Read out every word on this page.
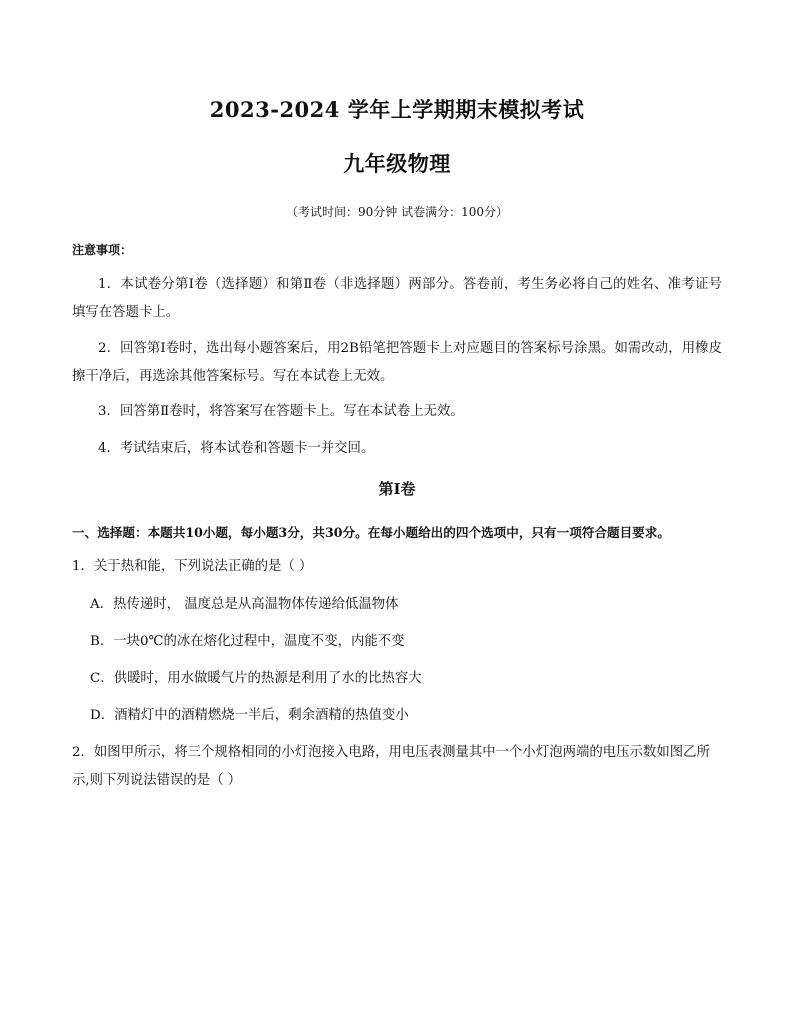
2023-2024 学年上学期期末模拟考试
九年级物理
（考试时间：90分钟 试卷满分：100分）
注意事项：
1．本试卷分第Ⅰ卷（选择题）和第Ⅱ卷（非选择题）两部分。答卷前，考生务必将自己的姓名、准考证号填写在答题卡上。
2．回答第Ⅰ卷时，选出每小题答案后，用2B铅笔把答题卡上对应题目的答案标号涂黑。如需改动，用橡皮擦干净后，再选涂其他答案标号。写在本试卷上无效。
3．回答第Ⅱ卷时，将答案写在答题卡上。写在本试卷上无效。
4．考试结束后，将本试卷和答题卡一并交回。
第Ⅰ卷
一、选择题：本题共10小题，每小题3分，共30分。在每小题给出的四个选项中，只有一项符合题目要求。
1．关于热和能，下列说法正确的是（ ）
A．热传递时， 温度总是从高温物体传递给低温物体
B．一块0℃的冰在熔化过程中，温度不变，内能不变
C．供暖时，用水做暖气片的热源是利用了水的比热容大
D．酒精灯中的酒精燃烧一半后，剩余酒精的热值变小
2．如图甲所示，将三个规格相同的小灯泡接入电路，用电压表测量其中一个小灯泡两端的电压示数如图乙所示,则下列说法错误的是（ ）
